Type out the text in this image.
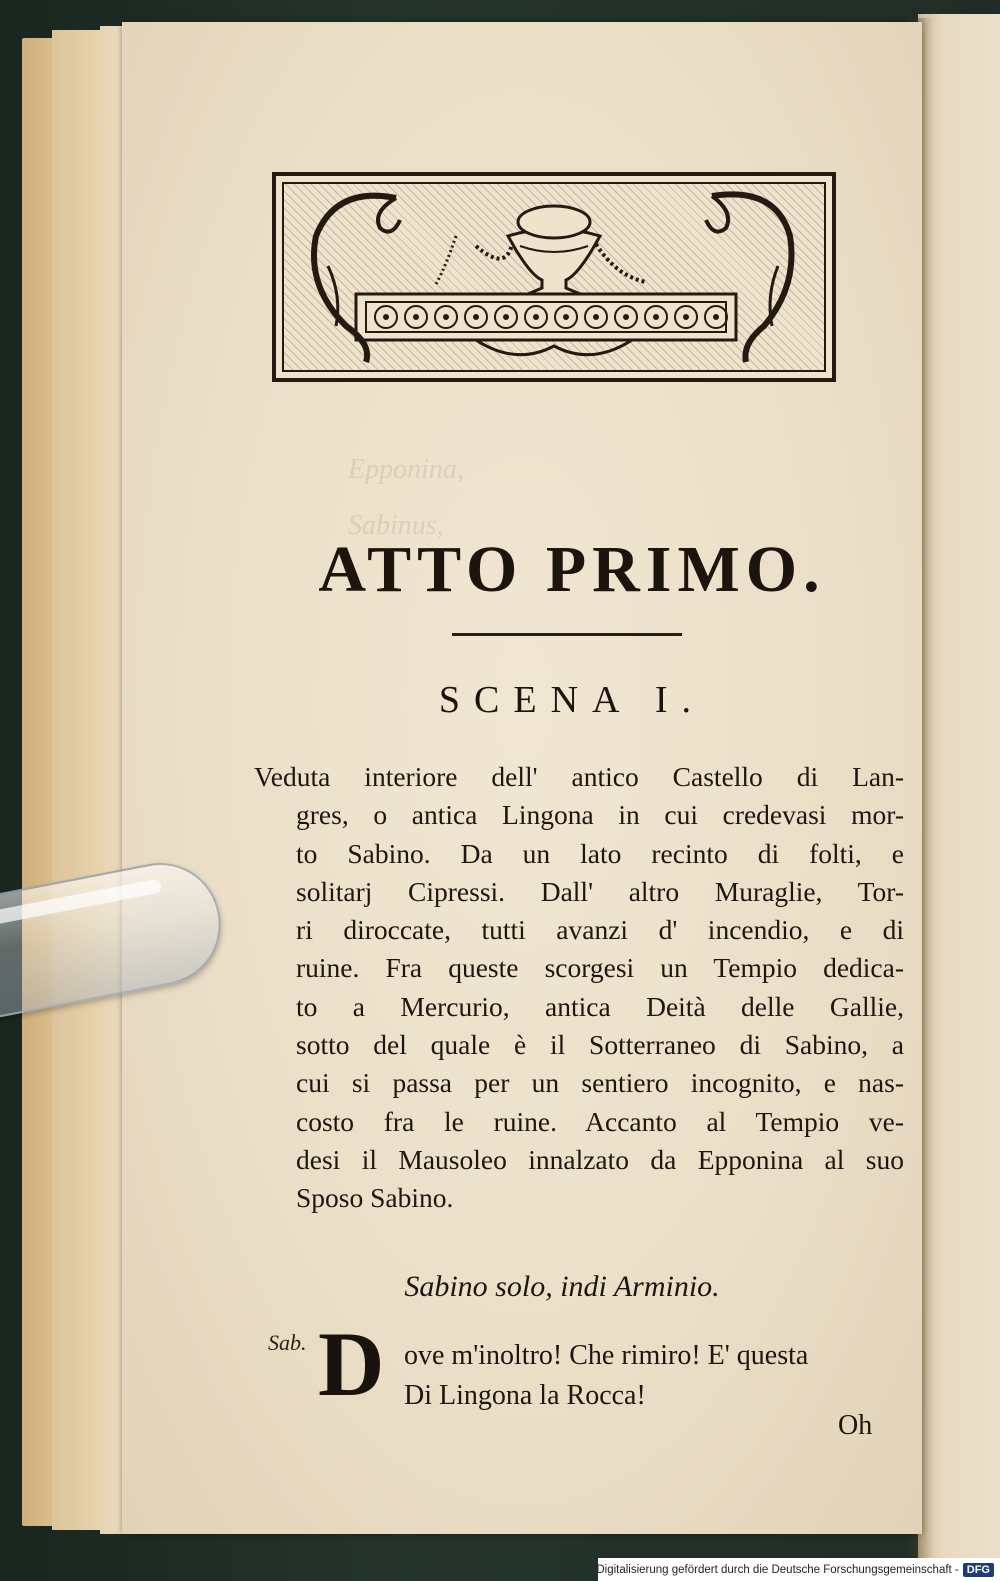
Epponina,
Sabinus,
ATTO PRIMO.
SCENA I.
Veduta interiore dell' antico Castello di Lan-
gres, o antica Lingona in cui credevasi mor-
to Sabino. Da un lato recinto di folti, e
solitarj Cipressi. Dall' altro Muraglie, Tor-
ri diroccate, tutti avanzi d' incendio, e di
ruine. Fra queste scorgesi un Tempio dedica-
to a Mercurio, antica Deità delle Gallie,
sotto del quale è il Sotterraneo di Sabino, a
cui si passa per un sentiero incognito, e nas-
costo fra le ruine. Accanto al Tempio ve-
desi il Mausoleo innalzato da Epponina al suo
Sposo Sabino.
Sabino solo, indi Arminio.
Sab. D ove m'inoltro! Che rimiro! E' questa
Di Lingona la Rocca!
Oh
Digitalisierung gefördert durch die Deutsche Forschungsgemeinschaft - DFG
